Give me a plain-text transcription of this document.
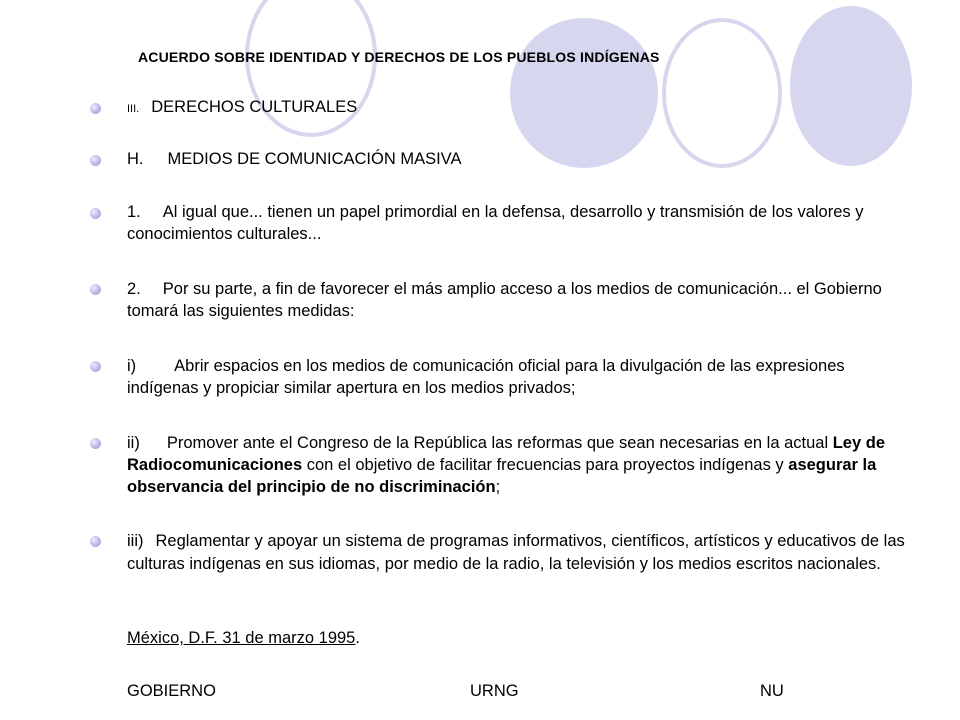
ACUERDO SOBRE IDENTIDAD Y DERECHOS DE LOS PUEBLOS INDÍGENAS
III. DERECHOS CULTURALES
H. MEDIOS DE COMUNICACIÓN MASIVA
1. Al igual que... tienen un papel primordial en la defensa, desarrollo y transmisión de los valores y conocimientos culturales...
2. Por su parte, a fin de favorecer el más amplio acceso a los medios de comunicación... el Gobierno tomará las siguientes medidas:
i) Abrir espacios en los medios de comunicación oficial para la divulgación de las expresiones indígenas y propiciar similar apertura en los medios privados;
ii) Promover ante el Congreso de la República las reformas que sean necesarias en la actual Ley de Radiocomunicaciones con el objetivo de facilitar frecuencias para proyectos indígenas y asegurar la observancia del principio de no discriminación;
iii) Reglamentar y apoyar un sistema de programas informativos, científicos, artísticos y educativos de las culturas indígenas en sus idiomas, por medio de la radio, la televisión y los medios escritos nacionales.
México, D.F. 31 de marzo 1995.
GOBIERNO	URNG	NU
